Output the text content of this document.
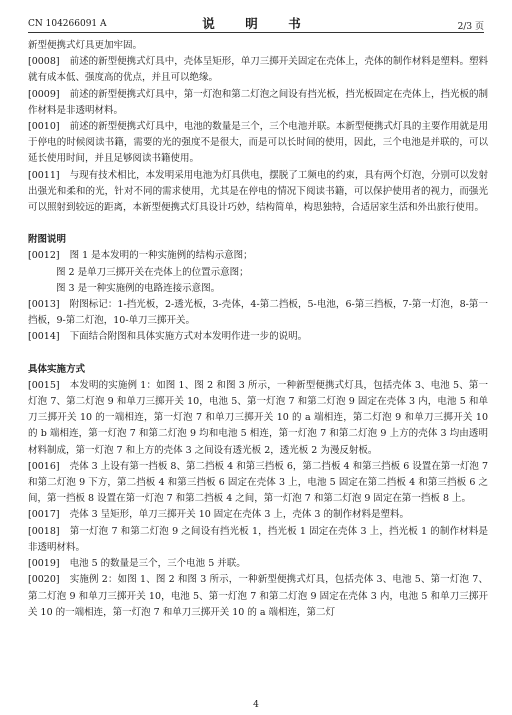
CN 104266091 A	说　明　书	2/3 页

新型便携式灯具更加牢固。

[0008] 前述的新型便携式灯具中，壳体呈矩形，单刀三掷开关固定在壳体上，壳体的制作材料是塑料。塑料就有成本低、强度高的优点，并且可以绝缘。

[0009] 前述的新型便携式灯具中，第一灯泡和第二灯泡之间设有挡光板，挡光板固定在壳体上，挡光板的制作材料是非透明材料。

[0010] 前述的新型便携式灯具中，电池的数量是三个，三个电池并联。本新型便携式灯具的主要作用就是用于停电的时候阅读书籍，需要的光的强度不是很大，而是可以长时间的使用，因此，三个电池是并联的，可以延长使用时间，并且足够阅读书籍使用。

[0011] 与现有技术相比，本发明采用电池为灯具供电，摆脱了工频电的约束，具有两个灯泡，分别可以发射出强光和柔和的光，针对不同的需求使用，尤其是在停电的情况下阅读书籍，可以保护使用者的视力，而强光可以照射到较远的距离，本新型便携式灯具设计巧妙，结构简单，构思独特，合适居家生活和外出旅行使用。

附图说明

[0012] 图 1 是本发明的一种实施例的结构示意图；

图 2 是单刀三掷开关在壳体上的位置示意图；

图 3 是一种实施例的电路连接示意图。

[0013] 附图标记：1-挡光板，2-透光板，3-壳体，4-第二挡板，5-电池，6-第三挡板，7-第一灯泡，8-第一挡板，9-第二灯泡，10-单刀三掷开关。

[0014] 下面结合附图和具体实施方式对本发明作进一步的说明。

具体实施方式

[0015] 本发明的实施例 1：如图 1、图 2 和图 3 所示，一种新型便携式灯具，包括壳体 3、电池 5、第一灯泡 7、第二灯泡 9 和单刀三掷开关 10，电池 5、第一灯泡 7 和第二灯泡 9 固定在壳体 3 内，电池 5 和单刀三掷开关 10 的一端相连，第一灯泡 7 和单刀三掷开关 10 的 a 端相连，第二灯泡 9 和单刀三掷开关 10 的 b 端相连，第一灯泡 7 和第二灯泡 9 均和电池 5 相连，第一灯泡 7 和第二灯泡 9 上方的壳体 3 均由透明材料制成，第一灯泡 7 和上方的壳体 3 之间设有透光板 2，透光板 2 为漫反射板。

[0016] 壳体 3 上设有第一挡板 8、第二挡板 4 和第三挡板 6，第二挡板 4 和第三挡板 6 设置在第一灯泡 7 和第二灯泡 9 下方，第二挡板 4 和第三挡板 6 固定在壳体 3 上，电池 5 固定在第二挡板 4 和第三挡板 6 之间，第一挡板 8 设置在第一灯泡 7 和第二挡板 4 之间，第一灯泡 7 和第二灯泡 9 固定在第一挡板 8 上。

[0017] 壳体 3 呈矩形，单刀三掷开关 10 固定在壳体 3 上，壳体 3 的制作材料是塑料。

[0018] 第一灯泡 7 和第二灯泡 9 之间设有挡光板 1，挡光板 1 固定在壳体 3 上，挡光板 1 的制作材料是非透明材料。

[0019] 电池 5 的数量是三个，三个电池 5 并联。

[0020] 实施例 2：如图 1、图 2 和图 3 所示，一种新型便携式灯具，包括壳体 3、电池 5、第一灯泡 7、第二灯泡 9 和单刀三掷开关 10，电池 5、第一灯泡 7 和第二灯泡 9 固定在壳体 3 内，电池 5 和单刀三掷开关 10 的一端相连，第一灯泡 7 和单刀三掷开关 10 的 a 端相连，第二灯

4
